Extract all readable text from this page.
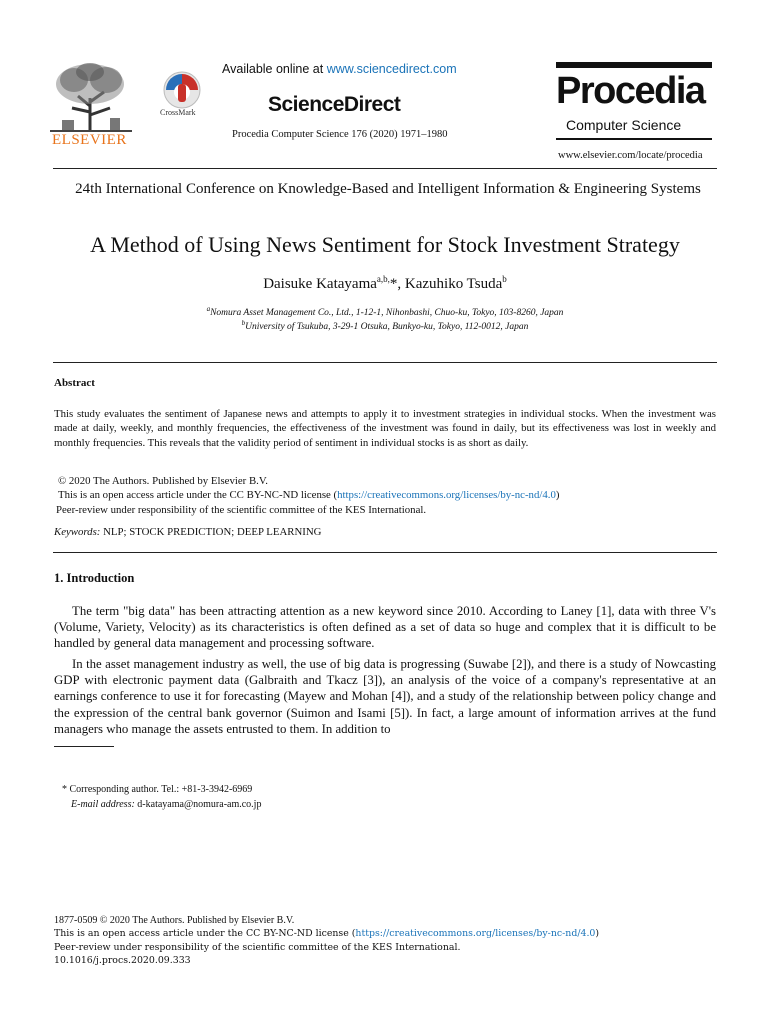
ELSEVIER
CrossMark
Available online at www.sciencedirect.com
ScienceDirect
Procedia Computer Science 176 (2020) 1971–1980
Procedia
Computer Science
www.elsevier.com/locate/procedia
24th International Conference on Knowledge-Based and Intelligent Information & Engineering Systems
A Method of Using News Sentiment for Stock Investment Strategy
Daisuke Katayama$^{a,b,}$*, Kazuhiko Tsuda$^b$
$^a$Nomura Asset Management Co., Ltd., 1-12-1, Nihonbashi, Chuo-ku, Tokyo, 103-8260, Japan
$^b$University of Tsukuba, 3-29-1 Otsuka, Bunkyo-ku, Tokyo, 112-0012, Japan
Abstract
This study evaluates the sentiment of Japanese news and attempts to apply it to investment strategies in individual stocks. When the investment was made at daily, weekly, and monthly frequencies, the effectiveness of the investment was found in daily, but its effectiveness was lost in weekly and monthly frequencies. This reveals that the validity period of sentiment in individual stocks is as short as daily.
© 2020 The Authors. Published by Elsevier B.V.
This is an open access article under the CC BY-NC-ND license (https://creativecommons.org/licenses/by-nc-nd/4.0)
Peer-review under responsibility of the scientific committee of the KES International.
Keywords: NLP; STOCK PREDICTION; DEEP LEARNING
1. Introduction
The term "big data" has been attracting attention as a new keyword since 2010. According to Laney [1], data with three V's (Volume, Variety, Velocity) as its characteristics is often defined as a set of data so huge and complex that it is difficult to be handled by general data management and processing software.
In the asset management industry as well, the use of big data is progressing (Suwabe [2]), and there is a study of Nowcasting GDP with electronic payment data (Galbraith and Tkacz [3]), an analysis of the voice of a company's representative at an earnings conference to use it for forecasting (Mayew and Mohan [4]), and a study of the relationship between policy change and the expression of the central bank governor (Suimon and Isami [5]). In fact, a large amount of information arrives at the fund managers who manage the assets entrusted to them. In addition to
* Corresponding author. Tel.: +81-3-3942-6969
E-mail address: d-katayama@nomura-am.co.jp
1877-0509 © 2020 The Authors. Published by Elsevier B.V.
This is an open access article under the CC BY-NC-ND license (https://creativecommons.org/licenses/by-nc-nd/4.0)
Peer-review under responsibility of the scientific committee of the KES International.
10.1016/j.procs.2020.09.333
